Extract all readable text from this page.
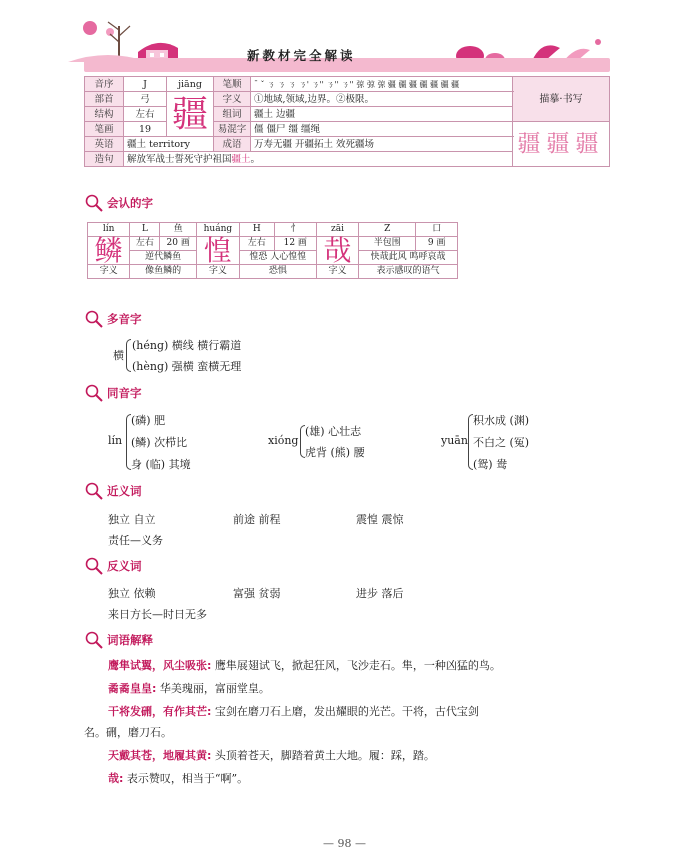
新教材完全解读
音序	J	jiāng	笔顺	ˉ ˇ ㄋ ㄋ ㄋ ㄋ' ㄋ'' ㄋ'' ㄋ'' 弶 弶 弶 疆 疆 疆 疆 疆 疆 疆	描摹·书写
部首	弓	疆	字义	①地域,领域,边界。②极限。	
结构	左右		组词	疆土 边疆	
笔画	19		易混字	僵 僵尸 缰 缰绳	疆疆疆
英语	疆土 territory		成语	万寿无疆 开疆拓土 效死疆场	
造句	解放军战士誓死守护祖国疆土。				
会认的字
lín	L	鱼	huáng	H	忄	zāi	Z	口
鳞	左右	20 画	惶	左右	12 画	哉	半包围	9 画
	逆代鳞鱼			惶恐 人心惶惶			快哉此风 鸣呼哀哉	
字义	像鱼鳞的		字义	恐惧		字义	表示感叹的语气	
多音字
横
(héng) 横线 横行霸道
(hèng) 强横 蛮横无理
同音字
lín
(磷) 肥
(鳞) 次栉比
身 (临) 其境
xióng
(雄) 心壮志
虎背 (熊) 腰
yuān
积水成 (渊)
不白之 (冤)
(鸳) 鸯
近义词
独立 自立	前途 前程	震惶 震惊
责任—义务
反义词
独立 依赖	富强 贫弱	进步 落后
来日方长—时日无多
词语解释
鹰隼试翼，风尘吸张: 鹰隼展翅试飞，掀起狂风，飞沙走石。隼，一种凶猛的鸟。
矞矞皇皇: 华美瑰丽，富丽堂皇。
干将发硎，有作其芒: 宝剑在磨刀石上磨，发出耀眼的光芒。干将，古代宝剑
名。硎，磨刀石。
天戴其苍，地履其黄: 头顶着苍天，脚踏着黄土大地。履：踩，踏。
哉: 表示赞叹，相当于“啊”。
— 98 —
